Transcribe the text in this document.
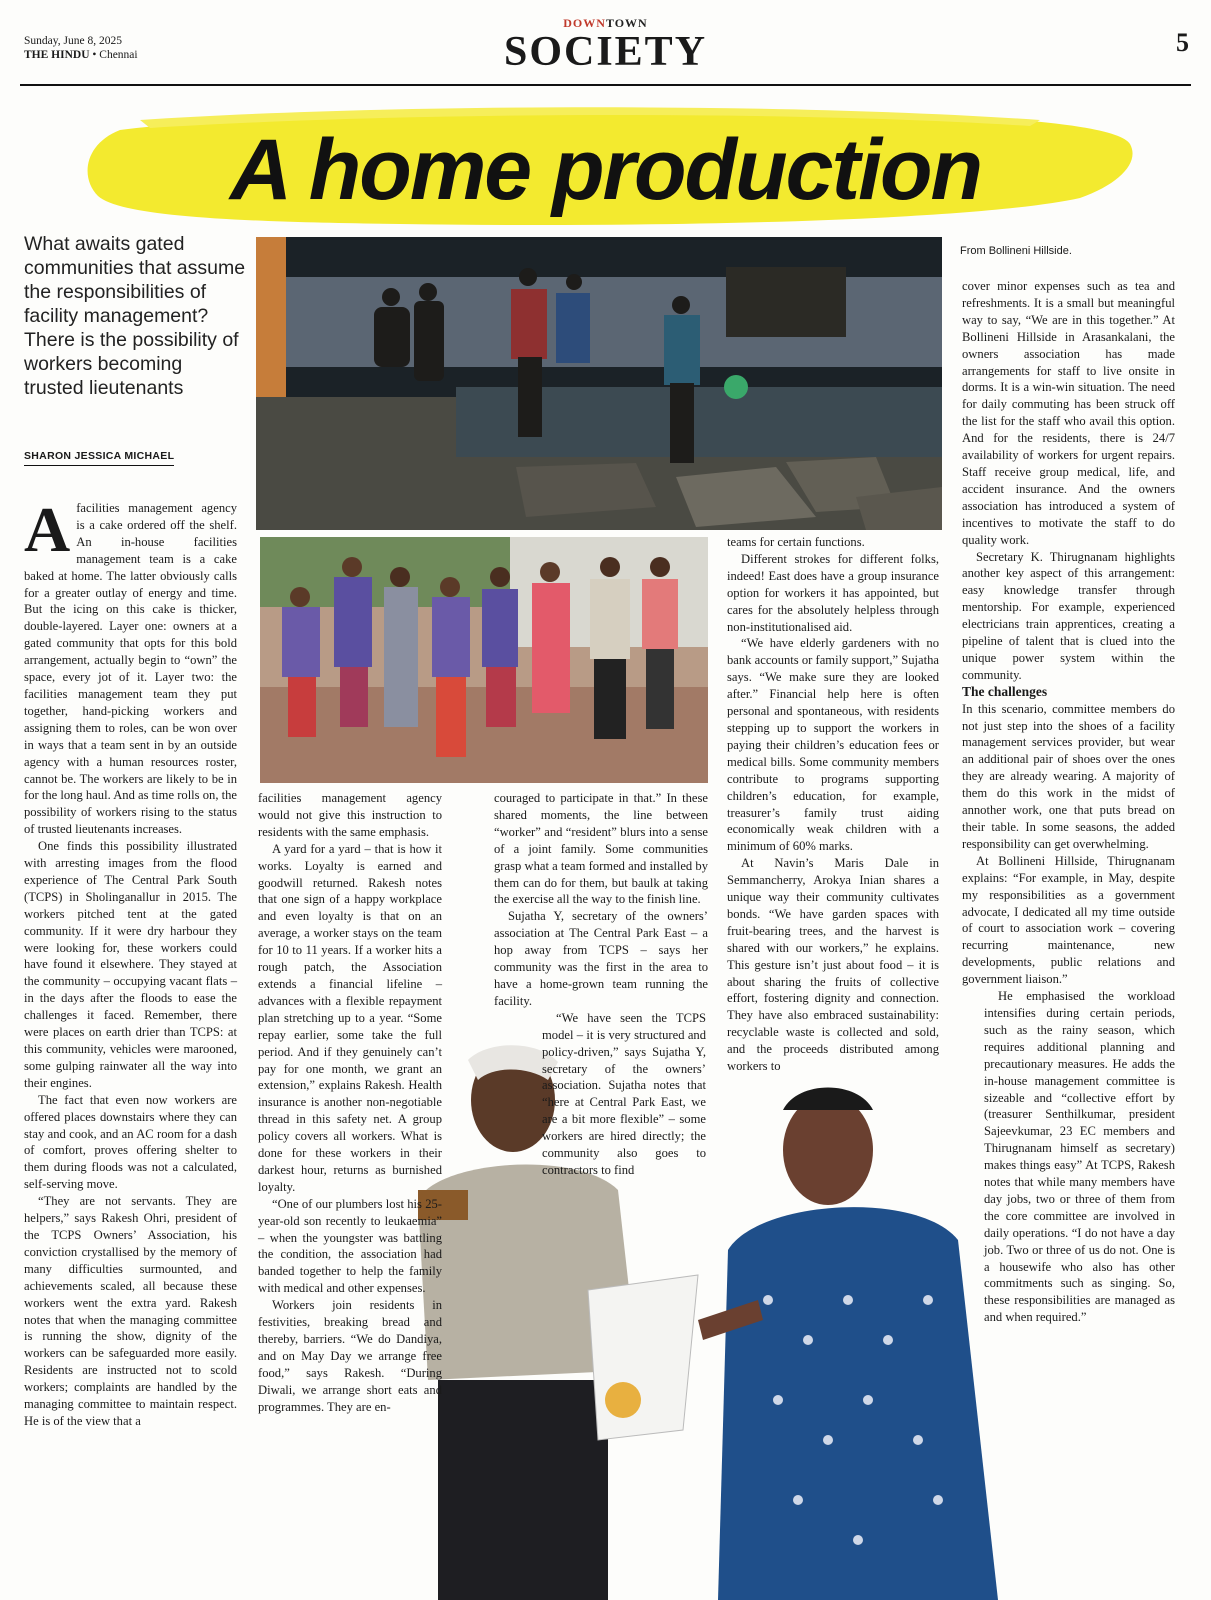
Sunday, June 8, 2025
THE HINDU • Chennai
DOWNTOWN
SOCIETY	5
A home production
What awaits gated communities that assume the responsibilities of facility management? There is the possibility of workers becoming trusted lieutenants
SHARON JESSICA MICHAEL
From Bollineni Hillside.

Afacilities management agency is a cake ordered off the shelf. An in-house facilities management team is a cake baked at home. The latter obviously calls for a greater outlay of energy and time. But the icing on this cake is thicker, double-layered. Layer one: owners at a gated community that opts for this bold arrangement, actually begin to “own” the space, every jot of it. Layer two: the facilities management team they put together, hand-picking workers and assigning them to roles, can be won over in ways that a team sent in by an outside agency with a human resources roster, cannot be. The workers are likely to be in for the long haul. And as time rolls on, the possibility of workers rising to the status of trusted lieutenants increases.

One finds this possibility illustrated with arresting images from the flood experience of The Central Park South (TCPS) in Sholinganallur in 2015. The workers pitched tent at the gated community. If it were dry harbour they were looking for, these workers could have found it elsewhere. They stayed at the community – occupying vacant flats – in the days after the floods to ease the challenges it faced. Remember, there were places on earth drier than TCPS: at this community, vehicles were marooned, some gulping rainwater all the way into their engines.

The fact that even now workers are offered places downstairs where they can stay and cook, and an AC room for a dash of comfort, proves offering shelter to them during floods was not a calculated, self-serving move.

“They are not servants. They are helpers,” says Rakesh Ohri, president of the TCPS Owners’ Association, his conviction crystallised by the memory of many difficulties surmounted, and achievements scaled, all because these workers went the extra yard. Rakesh notes that when the managing committee is running the show, dignity of the workers can be safeguarded more easily. Residents are instructed not to scold workers; complaints are handled by the managing committee to maintain respect. He is of the view that a

facilities management agency would not give this instruction to residents with the same emphasis.

A yard for a yard – that is how it works. Loyalty is earned and goodwill returned. Rakesh notes that one sign of a happy workplace and even loyalty is that on an average, a worker stays on the team for 10 to 11 years. If a worker hits a rough patch, the Association extends a financial lifeline – advances with a flexible repayment plan stretching up to a year. “Some repay earlier, some take the full period. And if they genuinely can’t pay for one month, we grant an extension,” explains Rakesh. Health insurance is another non-negotiable thread in this safety net. A group policy covers all workers. What is done for these workers in their darkest hour, returns as burnished loyalty.

“One of our plumbers lost his 25-year-old son recently to leukaemia” – when the youngster was battling the condition, the association had banded together to help the family with medical and other expenses.

Workers join residents in festivities, breaking bread and thereby, barriers. “We do Dandiya, and on May Day we arrange free food,” says Rakesh. “During Diwali, we arrange short eats and programmes. They are en-

couraged to participate in that.” In these shared moments, the line between “worker” and “resident” blurs into a sense of a joint family. Some communities grasp what a team formed and installed by them can do for them, but baulk at taking the exercise all the way to the finish line.

Sujatha Y, secretary of the owners’ association at The Central Park East – a hop away from TCPS – says her community was the first in the area to have a home-grown team running the facility.

“We have seen the TCPS model – it is very structured and policy-driven,” says Sujatha Y, secretary of the owners’ association. Sujatha notes that “here at Central Park East, we are a bit more flexible” – some workers are hired directly; the community also goes to contractors to find

teams for certain functions.

Different strokes for different folks, indeed! East does have a group insurance option for workers it has appointed, but cares for the absolutely helpless through non-institutionalised aid.

“We have elderly gardeners with no bank accounts or family support,” Sujatha says. “We make sure they are looked after.” Financial help here is often personal and spontaneous, with residents stepping up to support the workers in paying their children’s education fees or medical bills. Some community members contribute to programs supporting children’s education, for example, treasurer’s family trust aiding economically weak children with a minimum of 60% marks.

At Navin’s Maris Dale in Semmancherry, Arokya Inian shares a unique way their community cultivates bonds. “We have garden spaces with fruit-bearing trees, and the harvest is shared with our workers,” he explains. This gesture isn’t just about food – it is about sharing the fruits of collective effort, fostering dignity and connection. They have also embraced sustainability: recyclable waste is collected and sold, and the proceeds distributed among workers to

cover minor expenses such as tea and refreshments. It is a small but meaningful way to say, “We are in this together.” At Bollineni Hillside in Arasankalani, the owners association has made arrangements for staff to live onsite in dorms. It is a win-win situation. The need for daily commuting has been struck off the list for the staff who avail this option. And for the residents, there is 24/7 availability of workers for urgent repairs. Staff receive group medical, life, and accident insurance. And the owners association has introduced a system of incentives to motivate the staff to do quality work.

Secretary K. Thirugnanam highlights another key aspect of this arrangement: easy knowledge transfer through mentorship. For example, experienced electricians train apprentices, creating a pipeline of talent that is clued into the unique power system within the community.

The challenges

In this scenario, committee members do not just step into the shoes of a facility management services provider, but wear an additional pair of shoes over the ones they are already wearing. A majority of them do this work in the midst of annother work, one that puts bread on their table. In some seasons, the added responsibility can get overwhelming.

At Bollineni Hillside, Thirugnanam explains: “For example, in May, despite my responsibilities as a government advocate, I dedicated all my time outside of court to association work – covering recurring maintenance, new developments, public relations and government liaison.”

He emphasised the workload intensifies during certain periods, such as the rainy season, which requires additional planning and precautionary measures. He adds the in-house management committee is sizeable and “collective effort by (treasurer Senthilkumar, president Sajeevkumar, 23 EC members and Thirugnanam himself as secretary) makes things easy” At TCPS, Rakesh notes that while many members have day jobs, two or three of them from the core committee are involved in daily operations. “I do not have a day job. Two or three of us do not. One is a housewife who also has other commitments such as singing. So, these responsibilities are managed as and when required.”
